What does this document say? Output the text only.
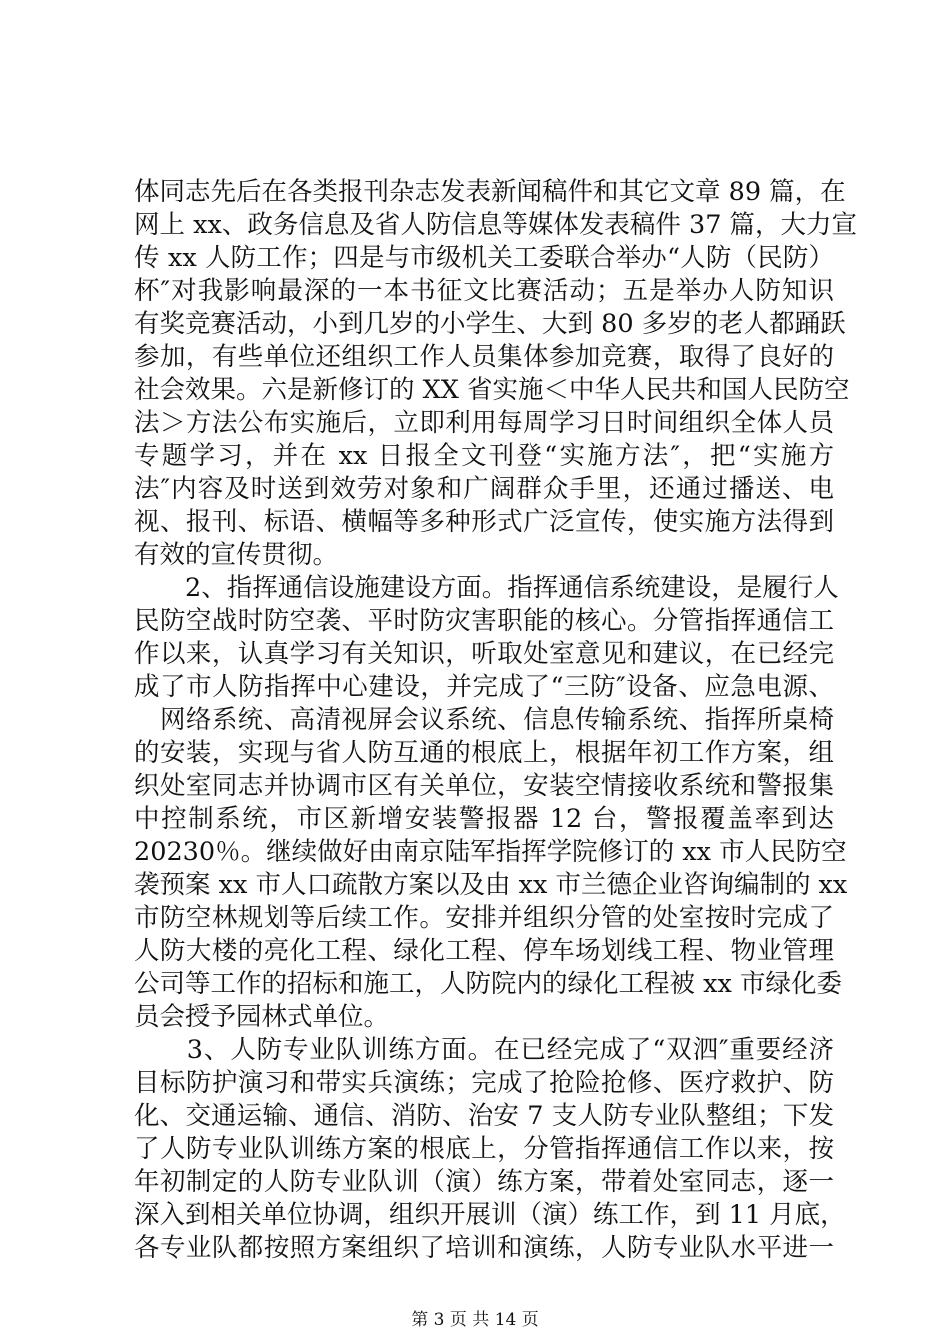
体同志先后在各类报刊杂志发表新闻稿件和其它文章 89 篇，在
网上 xx、政务信息及省人防信息等媒体发表稿件 37 篇，大力宣
传 xx 人防工作；四是与市级机关工委联合举办“人防（民防）
杯″对我影响最深的一本书征文比赛活动；五是举办人防知识
有奖竞赛活动，小到几岁的小学生、大到 80 多岁的老人都踊跃
参加，有些单位还组织工作人员集体参加竞赛，取得了良好的
社会效果。六是新修订的 XX 省实施＜中华人民共和国人民防空
法＞方法公布实施后，立即利用每周学习日时间组织全体人员
专题学习，并在 xx 日报全文刊登“实施方法″，把“实施方
法″内容及时送到效劳对象和广阔群众手里，还通过播送、电
视、报刊、标语、横幅等多种形式广泛宣传，使实施方法得到
有效的宣传贯彻。
　　2、指挥通信设施建设方面。指挥通信系统建设，是履行人
民防空战时防空袭、平时防灾害职能的核心。分管指挥通信工
作以来，认真学习有关知识，听取处室意见和建议，在已经完
成了市人防指挥中心建设，并完成了“三防″设备、应急电源、
　网络系统、高清视屏会议系统、信息传输系统、指挥所桌椅
的安装，实现与省人防互通的根底上，根据年初工作方案，组
织处室同志并协调市区有关单位，安装空情接收系统和警报集
中控制系统，市区新增安装警报器 12 台，警报覆盖率到达
20230％。继续做好由南京陆军指挥学院修订的 xx 市人民防空
袭预案 xx 市人口疏散方案以及由 xx 市兰德企业咨询编制的 xx
市防空林规划等后续工作。安排并组织分管的处室按时完成了
人防大楼的亮化工程、绿化工程、停车场划线工程、物业管理
公司等工作的招标和施工，人防院内的绿化工程被 xx 市绿化委
员会授予园林式单位。
　　3、人防专业队训练方面。在已经完成了“双泗″重要经济
目标防护演习和带实兵演练；完成了抢险抢修、医疗救护、防
化、交通运输、通信、消防、治安 7 支人防专业队整组；下发
了人防专业队训练方案的根底上，分管指挥通信工作以来，按
年初制定的人防专业队训（演）练方案，带着处室同志，逐一
深入到相关单位协调，组织开展训（演）练工作，到 11 月底，
各专业队都按照方案组织了培训和演练，人防专业队水平进一
第 3 页 共 14 页
